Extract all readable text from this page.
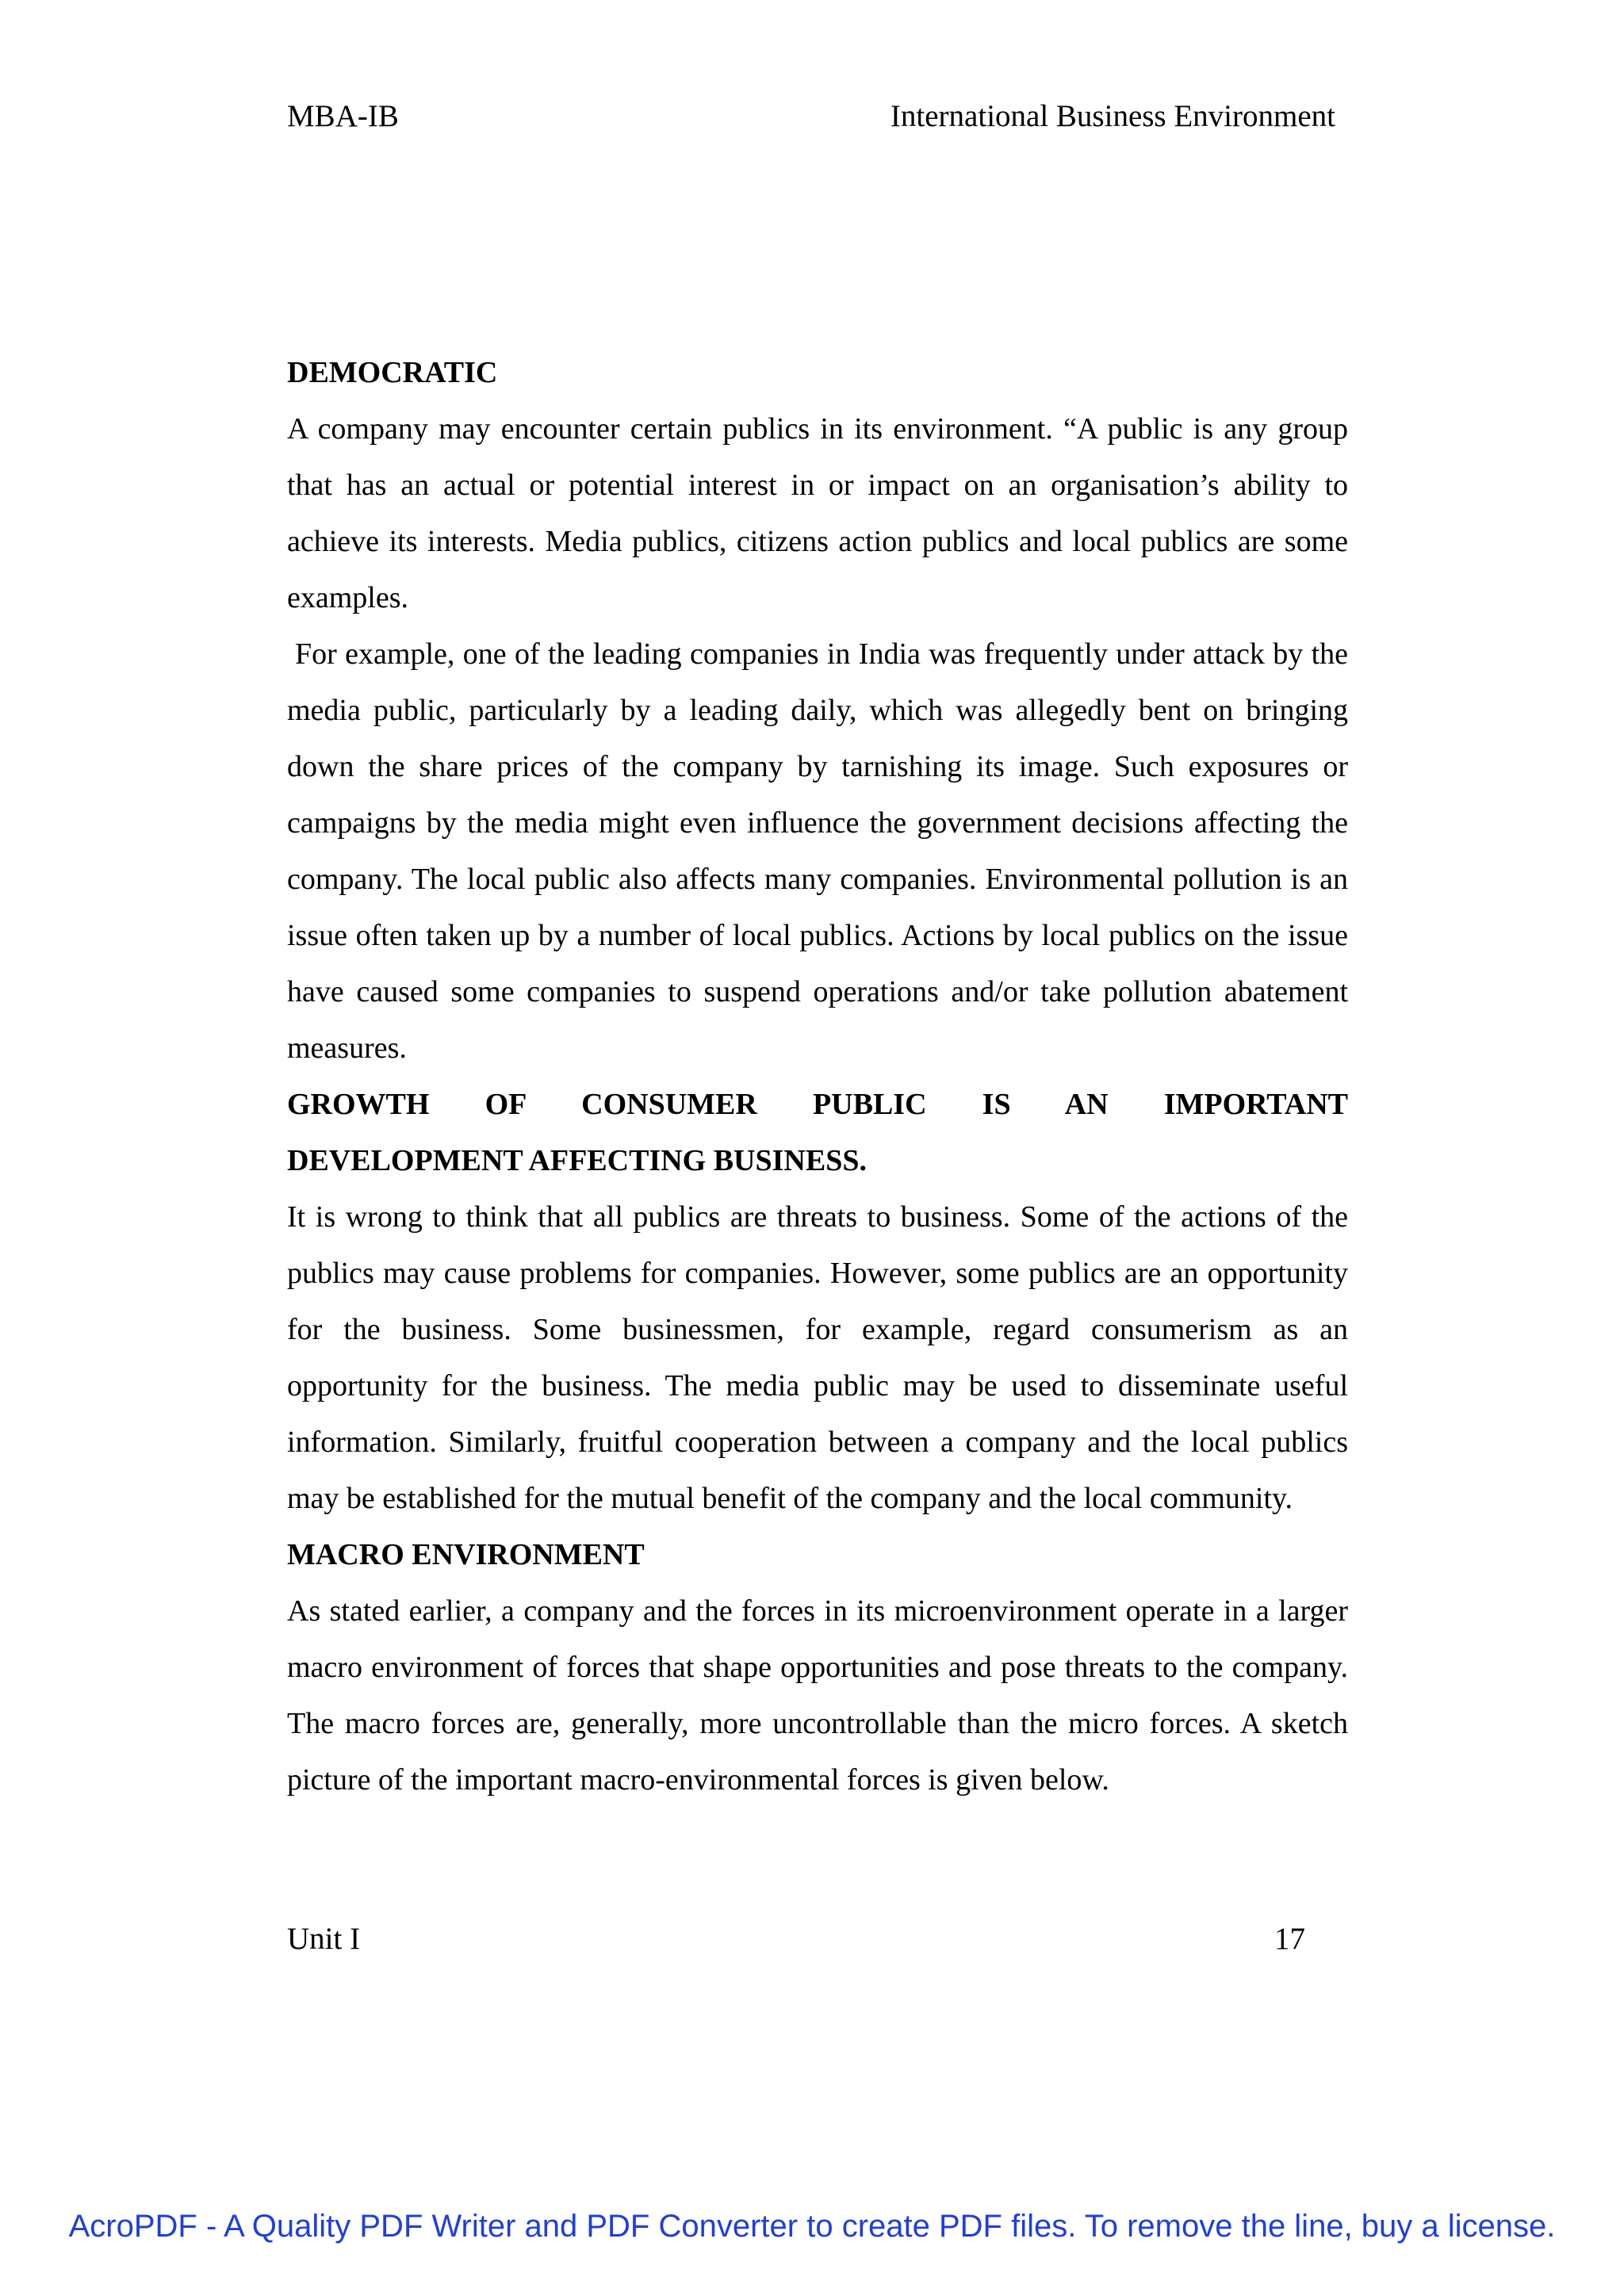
MBA-IB	International Business Environment

DEMOCRATIC

A company may encounter certain publics in its environment. “A public is any group that has an actual or potential interest in or impact on an organisation’s ability to achieve its interests. Media publics, citizens action publics and local publics are some examples.

For example, one of the leading companies in India was frequently under attack by the media public, particularly by a leading daily, which was allegedly bent on bringing down the share prices of the company by tarnishing its image. Such exposures or campaigns by the media might even influence the government decisions affecting the company. The local public also affects many companies. Environmental pollution is an issue often taken up by a number of local publics. Actions by local publics on the issue have caused some companies to suspend operations and/or take pollution abatement measures.

GROWTH OF CONSUMER PUBLIC IS AN IMPORTANT

DEVELOPMENT AFFECTING BUSINESS.

It is wrong to think that all publics are threats to business. Some of the actions of the publics may cause problems for companies. However, some publics are an opportunity for the business. Some businessmen, for example, regard consumerism as an opportunity for the business. The media public may be used to disseminate useful information. Similarly, fruitful cooperation between a company and the local publics may be established for the mutual benefit of the company and the local community.

MACRO ENVIRONMENT

As stated earlier, a company and the forces in its microenvironment operate in a larger macro environment of forces that shape opportunities and pose threats to the company. The macro forces are, generally, more uncontrollable than the micro forces. A sketch picture of the important macro-environmental forces is given below.

Unit I	17
AcroPDF - A Quality PDF Writer and PDF Converter to create PDF files. To remove the line, buy a license.
